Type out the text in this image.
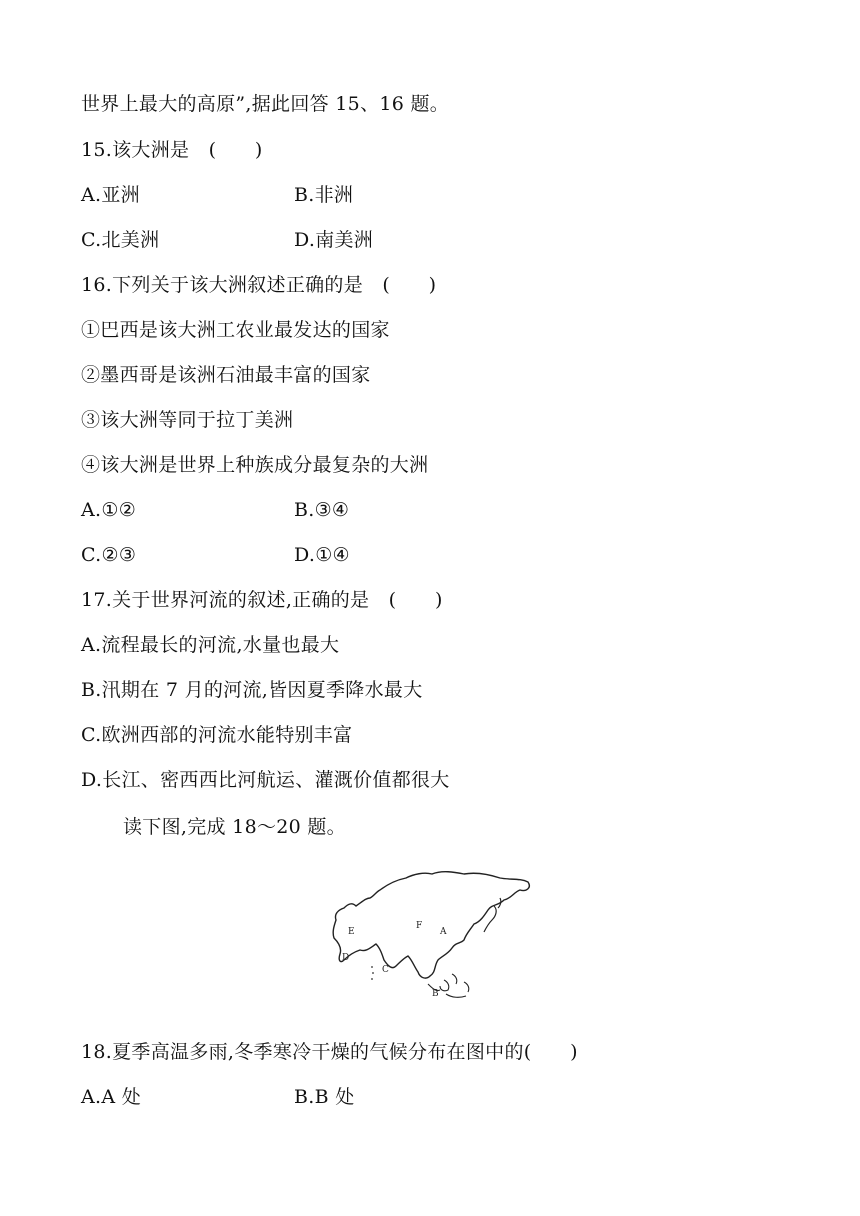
世界上最大的高原”,据此回答 15、16 题。
15.该大洲是　(　　)
A.亚洲	B.非洲
C.北美洲	D.南美洲
16.下列关于该大洲叙述正确的是　(　　)
①巴西是该大洲工农业最发达的国家
②墨西哥是该洲石油最丰富的国家
③该大洲等同于拉丁美洲
④该大洲是世界上种族成分最复杂的大洲
A.①②	B.③④
C.②③	D.①④
17.关于世界河流的叙述,正确的是　(　　)
A.流程最长的河流,水量也最大
B.汛期在 7 月的河流,皆因夏季降水最大
C.欧洲西部的河流水能特别丰富
D.长江、密西西比河航运、灌溉价值都很大
读下图,完成 18～20 题。
E
F
A
D
C
B
18.夏季高温多雨,冬季寒冷干燥的气候分布在图中的(　　)
A.A 处	B.B 处
